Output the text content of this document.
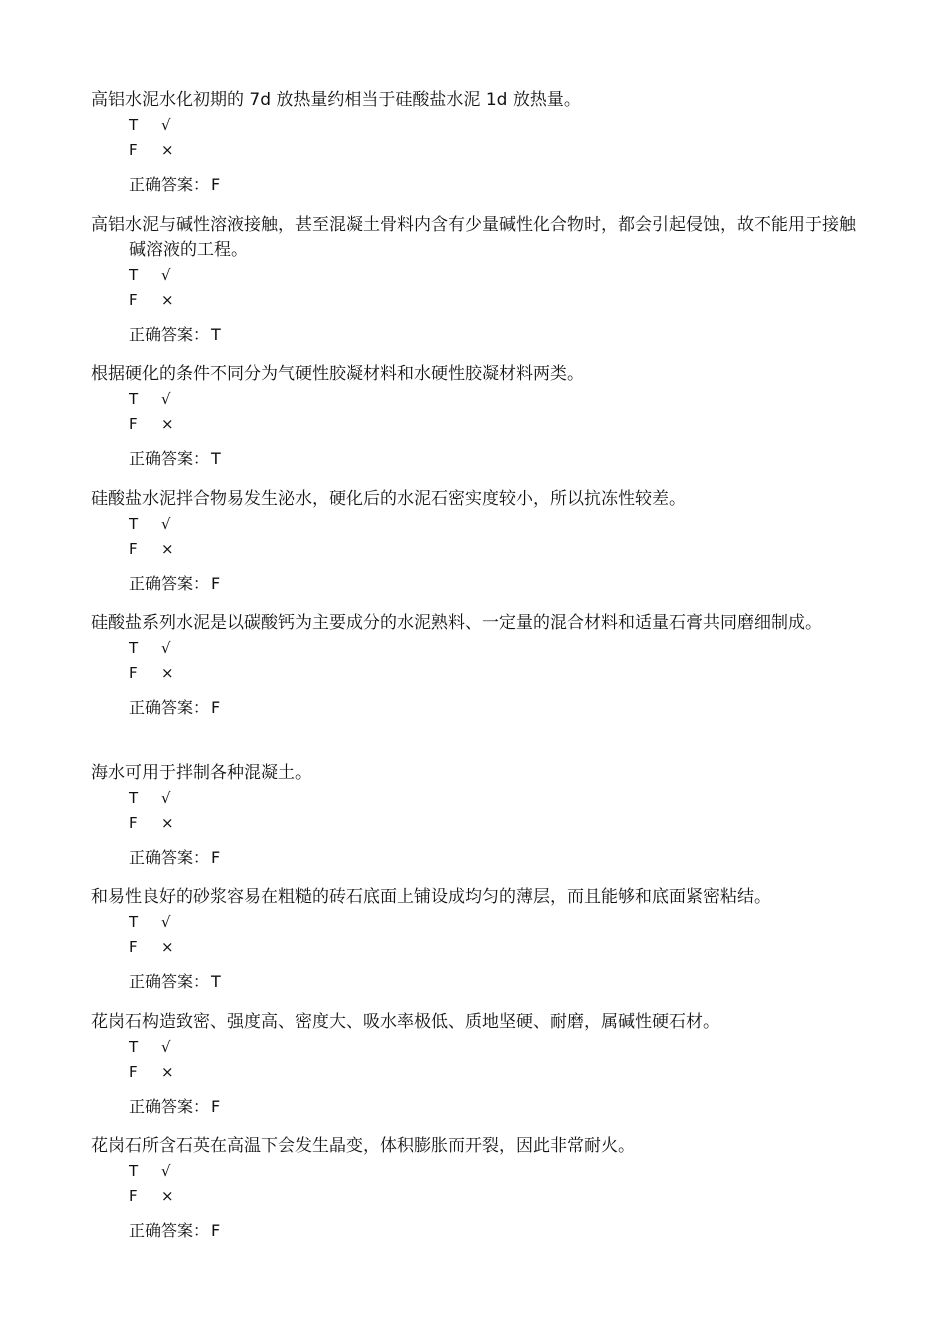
高铝水泥水化初期的 7d 放热量约相当于硅酸盐水泥 1d 放热量。

T	√
F	×
正确答案： F

高铝水泥与碱性溶液接触，甚至混凝土骨料内含有少量碱性化合物时，都会引起侵蚀，故不能用于接触碱溶液的工程。

T	√
F	×
正确答案： T

根据硬化的条件不同分为气硬性胶凝材料和水硬性胶凝材料两类。

T	√
F	×
正确答案： T

硅酸盐水泥拌合物易发生泌水，硬化后的水泥石密实度较小，所以抗冻性较差。

T	√
F	×
正确答案： F

硅酸盐系列水泥是以碳酸钙为主要成分的水泥熟料、一定量的混合材料和适量石膏共同磨细制成。

T	√
F	×
正确答案： F

海水可用于拌制各种混凝土。

T	√
F	×
正确答案： F

和易性良好的砂浆容易在粗糙的砖石底面上铺设成均匀的薄层，而且能够和底面紧密粘结。

T	√
F	×
正确答案： T

花岗石构造致密、强度高、密度大、吸水率极低、质地坚硬、耐磨，属碱性硬石材。

T	√
F	×
正确答案： F

花岗石所含石英在高温下会发生晶变，体积膨胀而开裂，因此非常耐火。

T	√
F	×
正确答案： F
